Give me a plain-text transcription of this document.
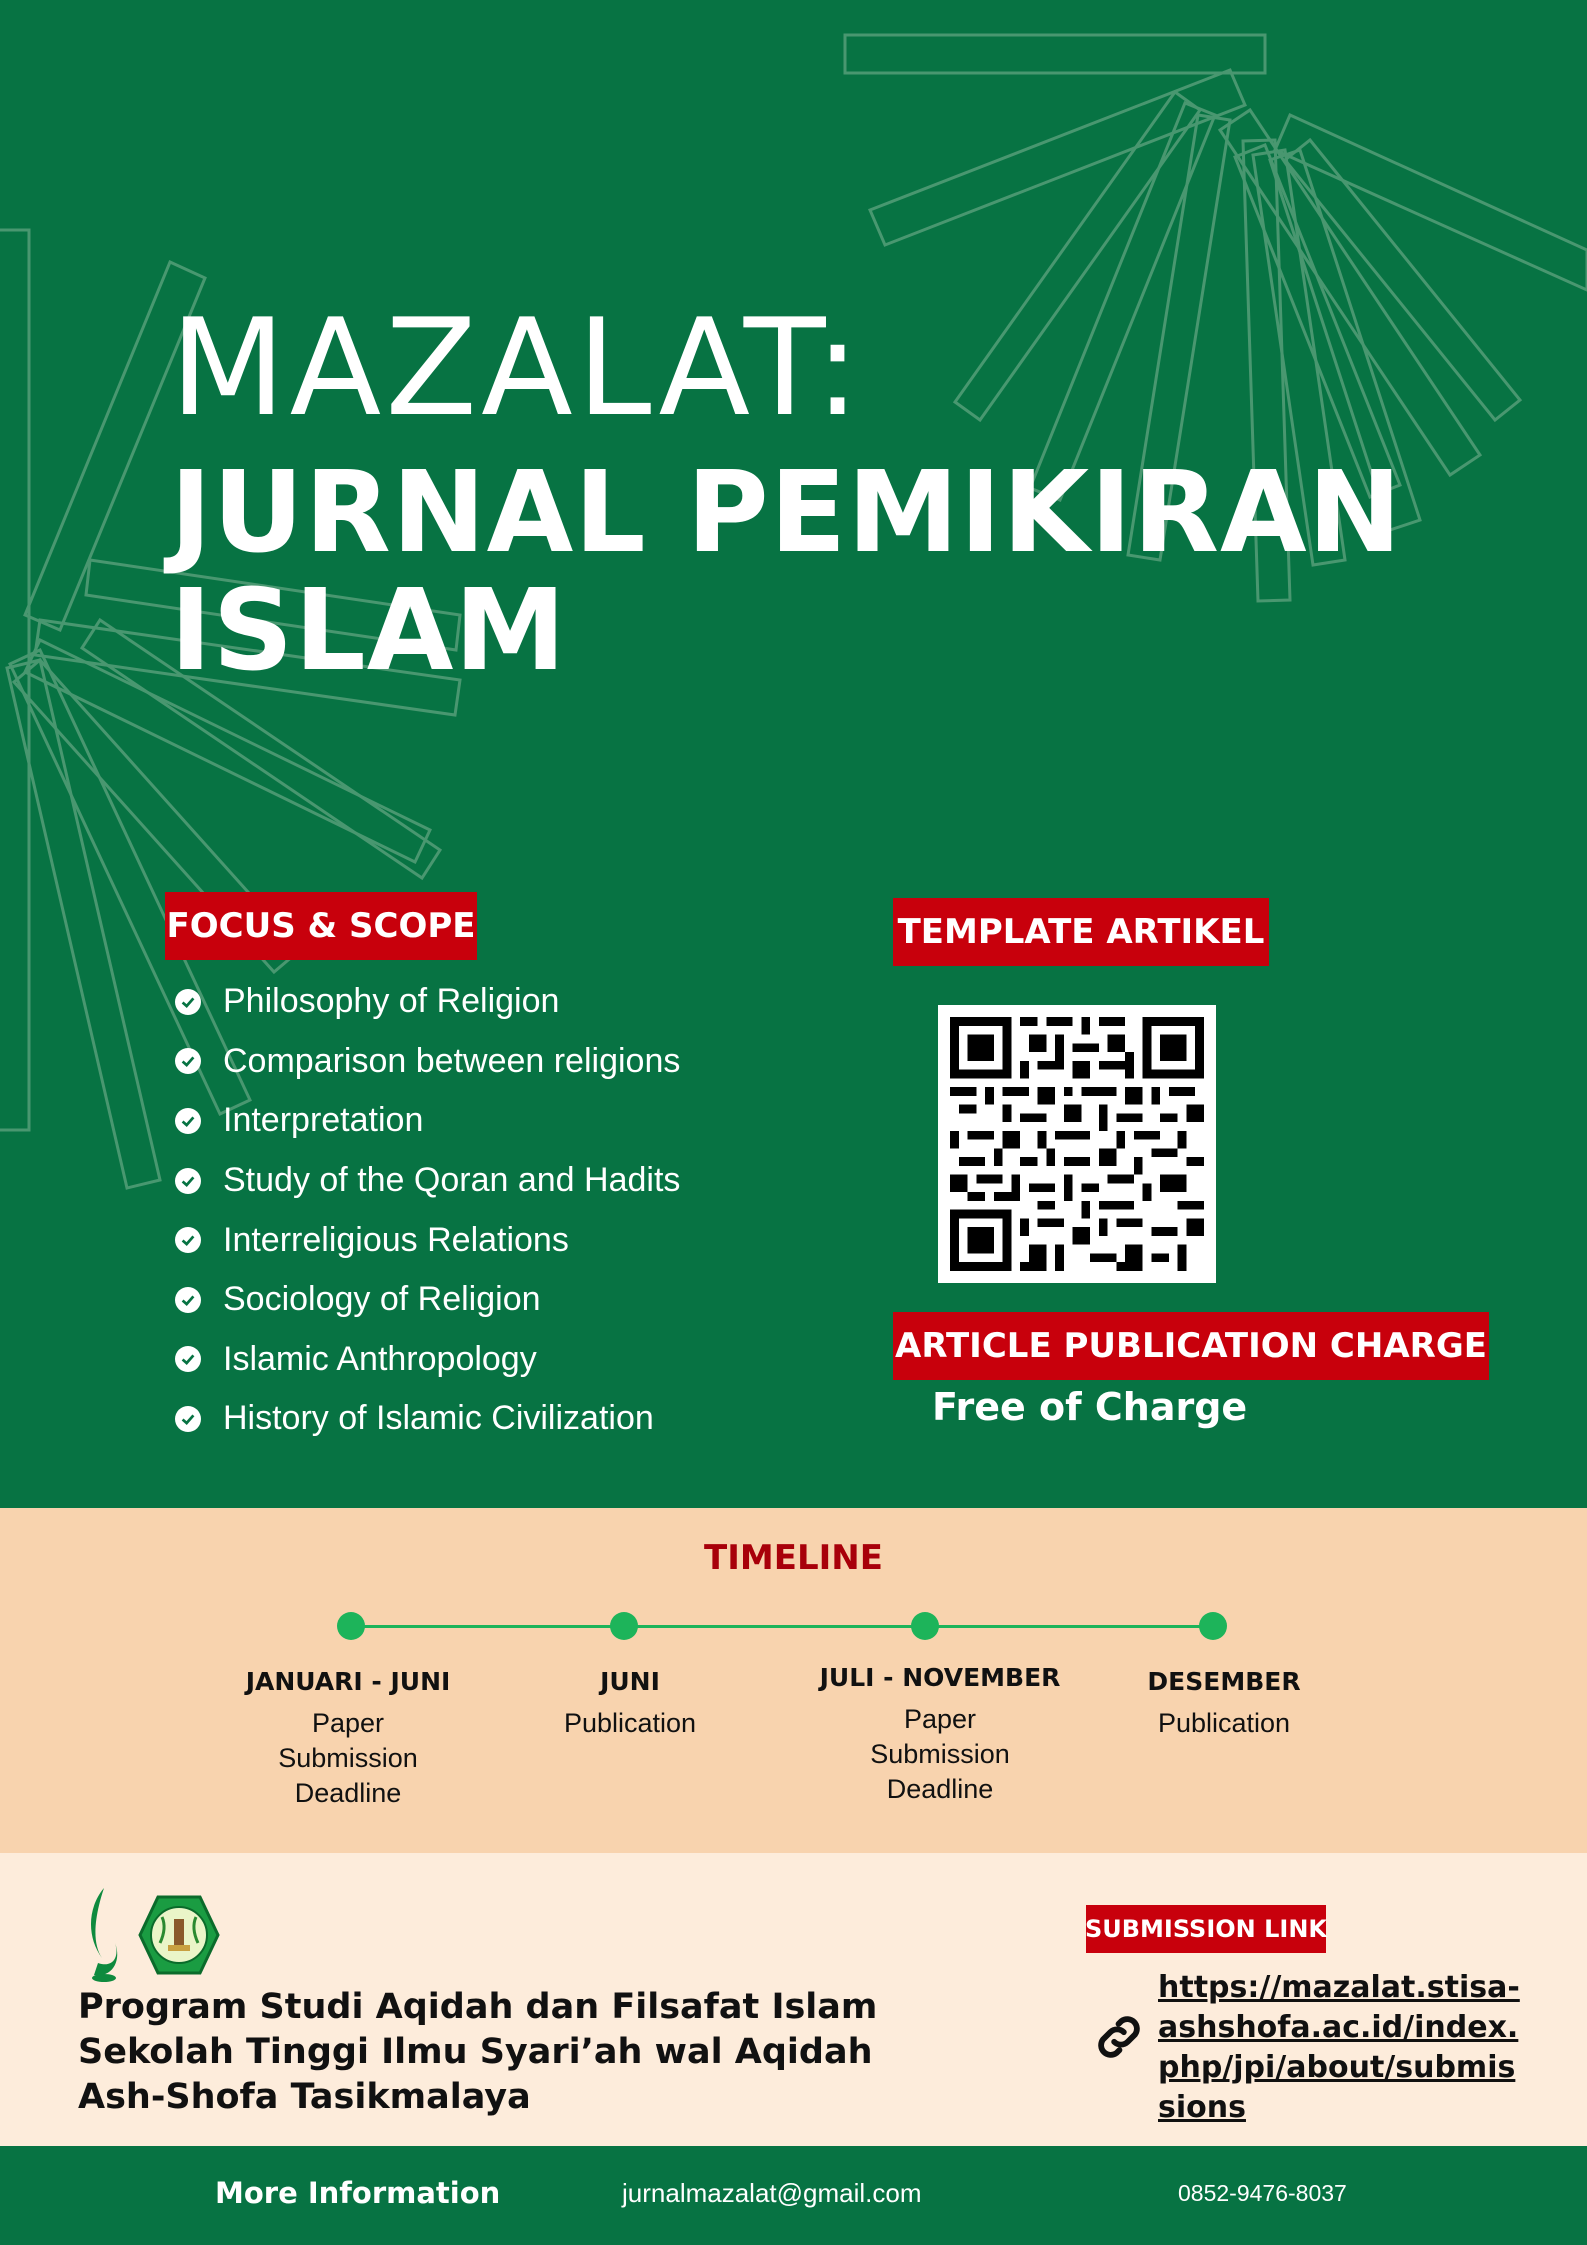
MAZALAT:
JURNAL PEMIKIRAN
ISLAM
FOCUS & SCOPE
Philosophy of Religion
Comparison between religions
Interpretation
Study of the Qoran and Hadits
Interreligious Relations
Sociology of Religion
Islamic Anthropology
History of Islamic Civilization
TEMPLATE ARTIKEL
ARTICLE PUBLICATION CHARGE
Free of Charge
TIMELINE
JANUARI - JUNI
Paper Submission Deadline
JUNI
Publication
JULI - NOVEMBER
Paper Submission Deadline
DESEMBER
Publication
Program Studi Aqidah dan Filsafat Islam
Sekolah Tinggi Ilmu Syari’ah wal Aqidah
Ash-Shofa Tasikmalaya
SUBMISSION LINK
https://mazalat.stisa-ashshofa.ac.id/index.php/jpi/about/submissions
More Information	jurnalmazalat@gmail.com	0852-9476-8037
